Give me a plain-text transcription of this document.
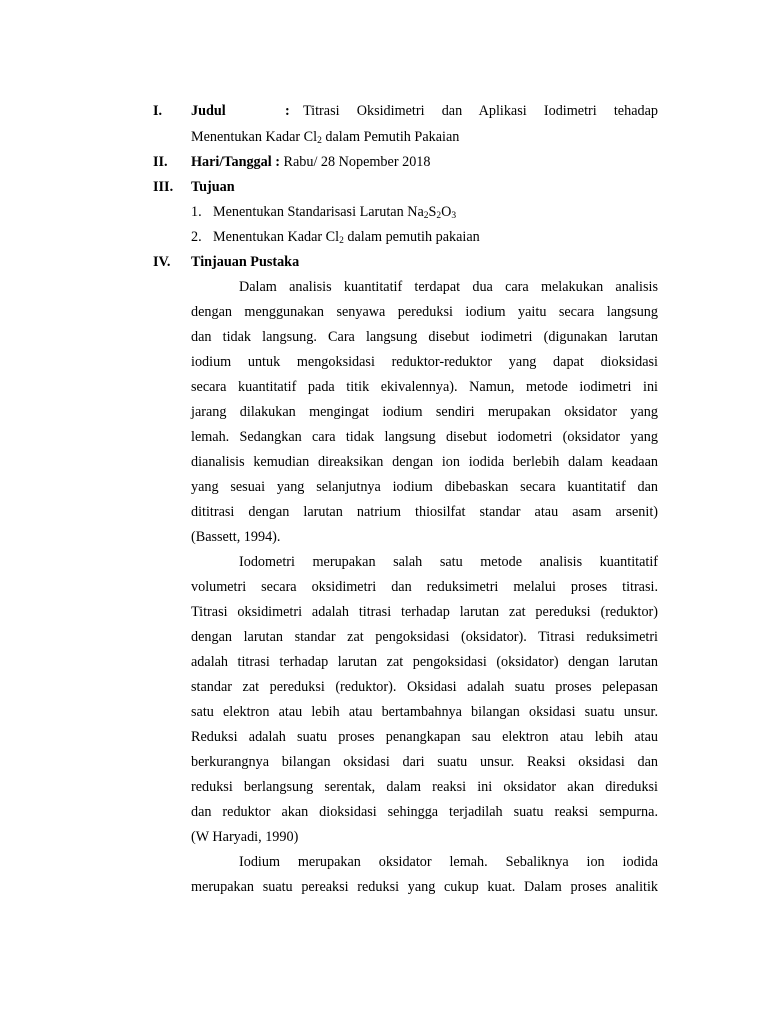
I. Judul	: Titrasi Oksidimetri dan Aplikasi Iodimetri tehadap
Menentukan Kadar $Cl_2$ dalam Pemutih Pakaian
II. Hari/Tanggal : Rabu/ 28 Nopember 2018
III. Tujuan
1. Menentukan Standarisasi Larutan $Na_2S_2O_3$
2. Menentukan Kadar $Cl_2$ dalam pemutih pakaian
IV. Tinjauan Pustaka
Dalam analisis kuantitatif terdapat dua cara melakukan analisis
dengan menggunakan senyawa pereduksi iodium yaitu secara langsung
dan tidak langsung. Cara langsung disebut iodimetri (digunakan larutan
iodium untuk mengoksidasi reduktor-reduktor yang dapat dioksidasi
secara kuantitatif pada titik ekivalennya). Namun, metode iodimetri ini
jarang dilakukan mengingat iodium sendiri merupakan oksidator yang
lemah. Sedangkan cara tidak langsung disebut iodometri (oksidator yang
dianalisis kemudian direaksikan dengan ion iodida berlebih dalam keadaan
yang sesuai yang selanjutnya iodium dibebaskan secara kuantitatif dan
dititrasi dengan larutan natrium thiosilfat standar atau asam arsenit)
(Bassett, 1994).
Iodometri merupakan salah satu metode analisis kuantitatif
volumetri secara oksidimetri dan reduksimetri melalui proses titrasi.
Titrasi oksidimetri adalah titrasi terhadap larutan zat pereduksi (reduktor)
dengan larutan standar zat pengoksidasi (oksidator). Titrasi reduksimetri
adalah titrasi terhadap larutan zat pengoksidasi (oksidator) dengan larutan
standar zat pereduksi (reduktor). Oksidasi adalah suatu proses pelepasan
satu elektron atau lebih atau bertambahnya bilangan oksidasi suatu unsur.
Reduksi adalah suatu proses penangkapan sau elektron atau lebih atau
berkurangnya bilangan oksidasi dari suatu unsur. Reaksi oksidasi dan
reduksi berlangsung serentak, dalam reaksi ini oksidator akan direduksi
dan reduktor akan dioksidasi sehingga terjadilah suatu reaksi sempurna.
(W Haryadi, 1990)
Iodium merupakan oksidator lemah. Sebaliknya ion iodida
merupakan suatu pereaksi reduksi yang cukup kuat. Dalam proses analitik
